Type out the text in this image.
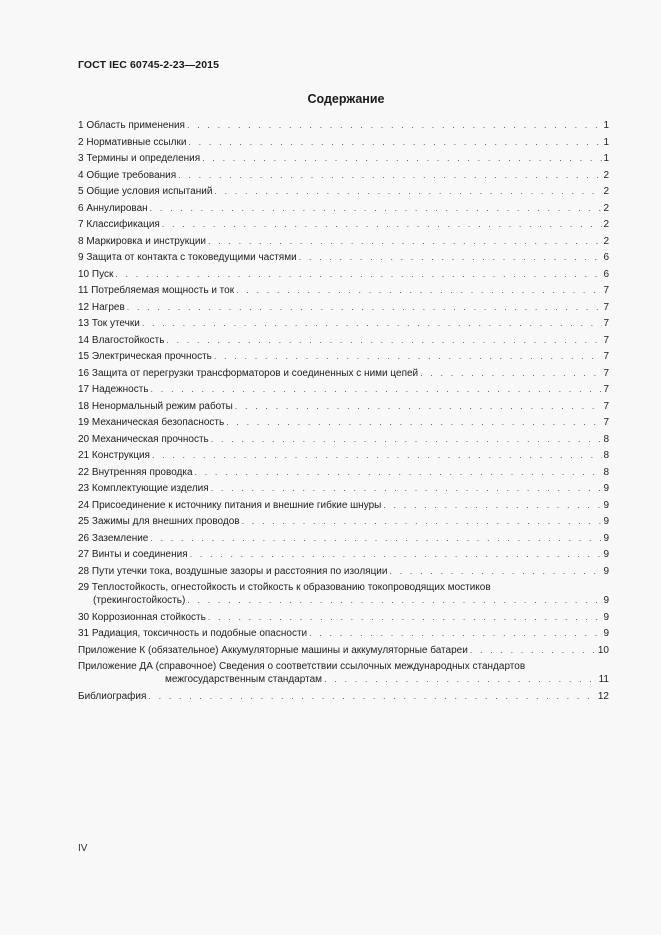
ГОСТ IEC 60745-2-23—2015
Содержание
1 Область применения . . .	1
2 Нормативные ссылки . . .	1
3 Термины и определения . . .	1
4 Общие требования . . .	2
5 Общие условия испытаний . . .	2
6 Аннулирован . . .	2
7 Классификация . . .	2
8 Маркировка и инструкции . . .	2
9 Защита от контакта с токоведущими частями . . .	6
10 Пуск . . .	6
11 Потребляемая мощность и ток . . .	7
12 Нагрев . . .	7
13 Ток утечки . . .	7
14 Влагостойкость . . .	7
15 Электрическая прочность . . .	7
16 Защита от перегрузки трансформаторов и соединенных с ними цепей . . .	7
17 Надежность . . .	7
18 Ненормальный режим работы . . .	7
19 Механическая безопасность . . .	7
20 Механическая прочность . . .	8
21 Конструкция . . .	8
22 Внутренняя проводка . . .	8
23 Комплектующие изделия . . .	9
24 Присоединение к источнику питания и внешние гибкие шнуры . . .	9
25 Зажимы для внешних проводов . . .	9
26 Заземление . . .	9
27 Винты и соединения . . .	9
28 Пути утечки тока, воздушные зазоры и расстояния по изоляции . . .	9
29 Теплостойкость, огнестойкость и стойкость к образованию токопроводящих мостиков
(трекингостойкость) . . .	9
30 Коррозионная стойкость . . .	9
31 Радиация, токсичность и подобные опасности . . .	9
Приложение К (обязательное) Аккумуляторные машины и аккумуляторные батареи . . .	10
Приложение ДА (справочное) Сведения о соответствии ссылочных международных стандартов
межгосударственным стандартам . . .	11
Библиография . . .	12
IV
